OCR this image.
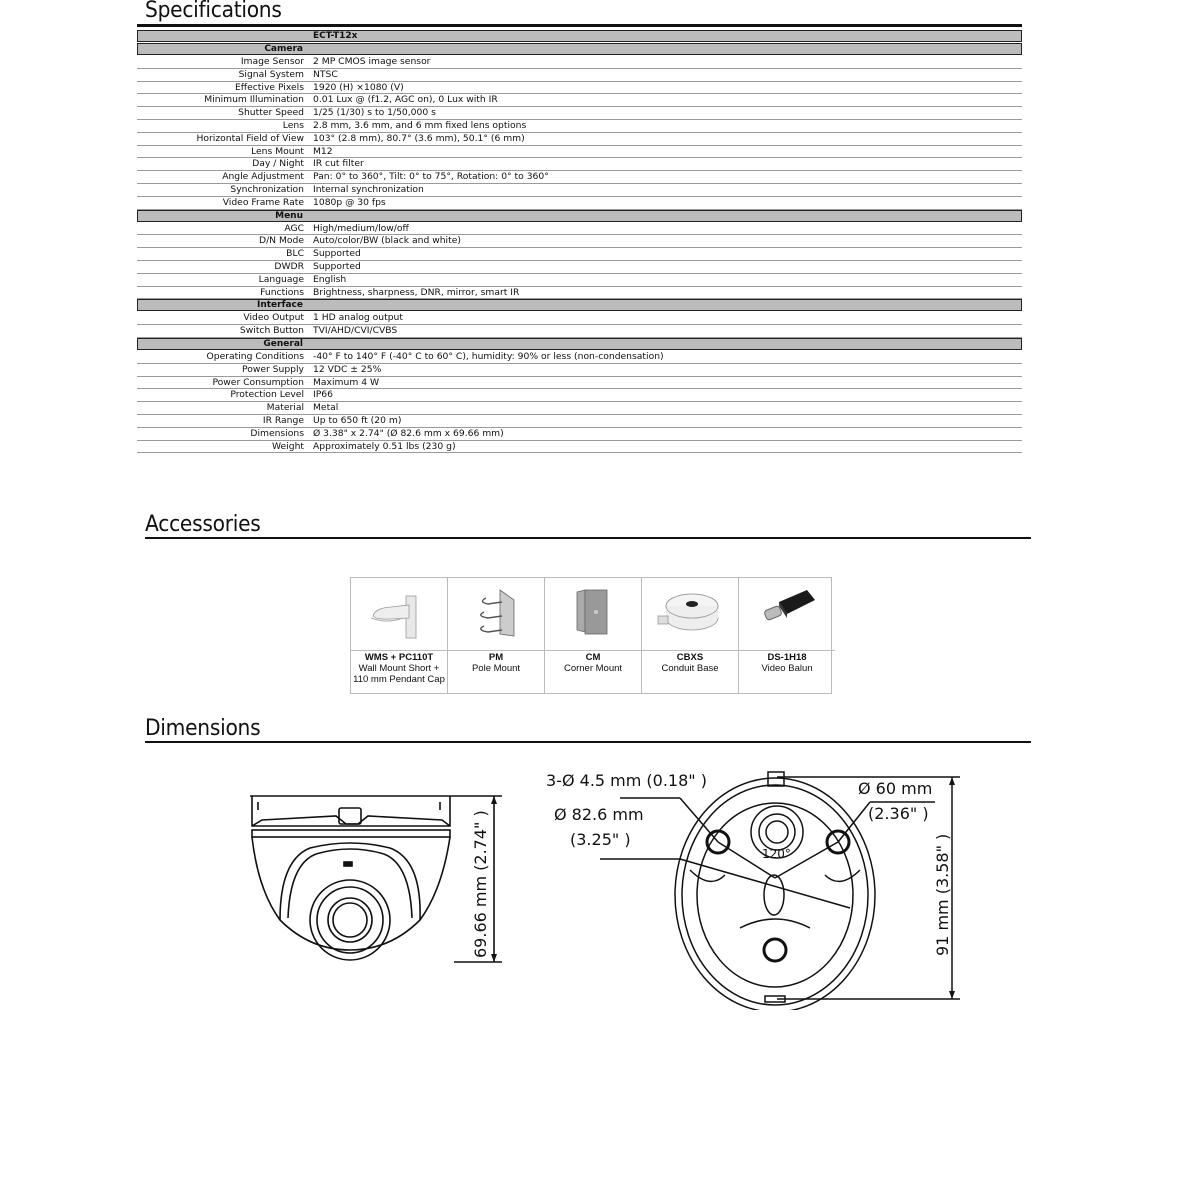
Specifications
ECT-T12x
Camera
Image Sensor 2 MP CMOS image sensor
Signal System NTSC
Effective Pixels 1920 (H) ×1080 (V)
Minimum Illumination 0.01 Lux @ (f1.2, AGC on), 0 Lux with IR
Shutter Speed 1/25 (1/30) s to 1/50,000 s
Lens 2.8 mm, 3.6 mm, and 6 mm fixed lens options
Horizontal Field of View 103° (2.8 mm), 80.7° (3.6 mm), 50.1° (6 mm)
Lens Mount M12
Day / Night IR cut filter
Angle Adjustment Pan: 0° to 360°, Tilt: 0° to 75°, Rotation: 0° to 360°
Synchronization Internal synchronization
Video Frame Rate 1080p @ 30 fps
Menu
AGC High/medium/low/off
D/N Mode Auto/color/BW (black and white)
BLC Supported
DWDR Supported
Language English
Functions Brightness, sharpness, DNR, mirror, smart IR
Interface
Video Output 1 HD analog output
Switch Button TVI/AHD/CVI/CVBS
General
Operating Conditions -40° F to 140° F (-40° C to 60° C), humidity: 90% or less (non-condensation)
Power Supply 12 VDC ± 25%
Power Consumption Maximum 4 W
Protection Level IP66
Material Metal
IR Range Up to 650 ft (20 m)
Dimensions Ø 3.38" x 2.74" (Ø 82.6 mm x 69.66 mm)
Weight Approximately 0.51 lbs (230 g)
Accessories
WMS + PC110T
Wall Mount Short + 110 mm Pendant Cap
PM
Pole Mount
CM
Corner Mount
CBXS
Conduit Base
DS-1H18
Video Balun
Dimensions
69.66 mm (2.74" )
3-Ø 4.5 mm (0.18" )
Ø 82.6 mm
(3.25" )
Ø 60 mm
(2.36" )
120°	91 mm (3.58" )
